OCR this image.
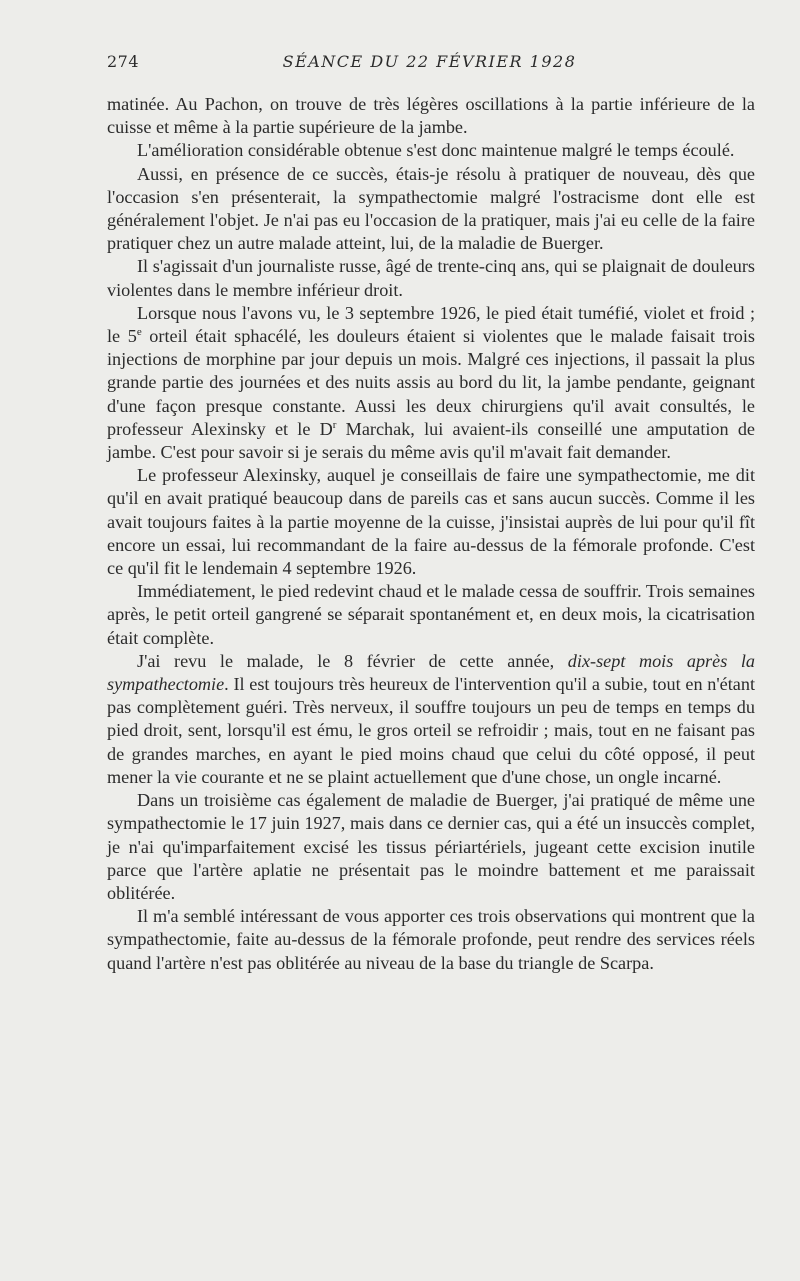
274	SÉANCE DU 22 FÉVRIER 1928

matinée. Au Pachon, on trouve de très légères oscillations à la partie inférieure de la cuisse et même à la partie supérieure de la jambe.

L'amélioration considérable obtenue s'est donc maintenue malgré le temps écoulé.

Aussi, en présence de ce succès, étais-je résolu à pratiquer de nouveau, dès que l'occasion s'en présenterait, la sympathectomie malgré l'ostracisme dont elle est généralement l'objet. Je n'ai pas eu l'occasion de la pratiquer, mais j'ai eu celle de la faire pratiquer chez un autre malade atteint, lui, de la maladie de Buerger.

Il s'agissait d'un journaliste russe, âgé de trente-cinq ans, qui se plaignait de douleurs violentes dans le membre inférieur droit.

Lorsque nous l'avons vu, le 3 septembre 1926, le pied était tuméfié, violet et froid ; le 5e orteil était sphacélé, les douleurs étaient si violentes que le malade faisait trois injections de morphine par jour depuis un mois. Malgré ces injections, il passait la plus grande partie des journées et des nuits assis au bord du lit, la jambe pendante, geignant d'une façon presque constante. Aussi les deux chirurgiens qu'il avait consultés, le professeur Alexinsky et le $D^r$ Marchak, lui avaient-ils conseillé une amputation de jambe. C'est pour savoir si je serais du même avis qu'il m'avait fait demander.

Le professeur Alexinsky, auquel je conseillais de faire une sympathectomie, me dit qu'il en avait pratiqué beaucoup dans de pareils cas et sans aucun succès. Comme il les avait toujours faites à la partie moyenne de la cuisse, j'insistai auprès de lui pour qu'il fît encore un essai, lui recommandant de la faire au-dessus de la fémorale profonde. C'est ce qu'il fit le lendemain 4 septembre 1926.

Immédiatement, le pied redevint chaud et le malade cessa de souffrir. Trois semaines après, le petit orteil gangrené se séparait spontanément et, en deux mois, la cicatrisation était complète.

J'ai revu le malade, le 8 février de cette année, dix-sept mois après la sympathectomie. Il est toujours très heureux de l'intervention qu'il a subie, tout en n'étant pas complètement guéri. Très nerveux, il souffre toujours un peu de temps en temps du pied droit, sent, lorsqu'il est ému, le gros orteil se refroidir ; mais, tout en ne faisant pas de grandes marches, en ayant le pied moins chaud que celui du côté opposé, il peut mener la vie courante et ne se plaint actuellement que d'une chose, un ongle incarné.

Dans un troisième cas également de maladie de Buerger, j'ai pratiqué de même une sympathectomie le 17 juin 1927, mais dans ce dernier cas, qui a été un insuccès complet, je n'ai qu'imparfaitement excisé les tissus périartériels, jugeant cette excision inutile parce que l'artère aplatie ne présentait pas le moindre battement et me paraissait oblitérée.

Il m'a semblé intéressant de vous apporter ces trois observations qui montrent que la sympathectomie, faite au-dessus de la fémorale profonde, peut rendre des services réels quand l'artère n'est pas oblitérée au niveau de la base du triangle de Scarpa.
